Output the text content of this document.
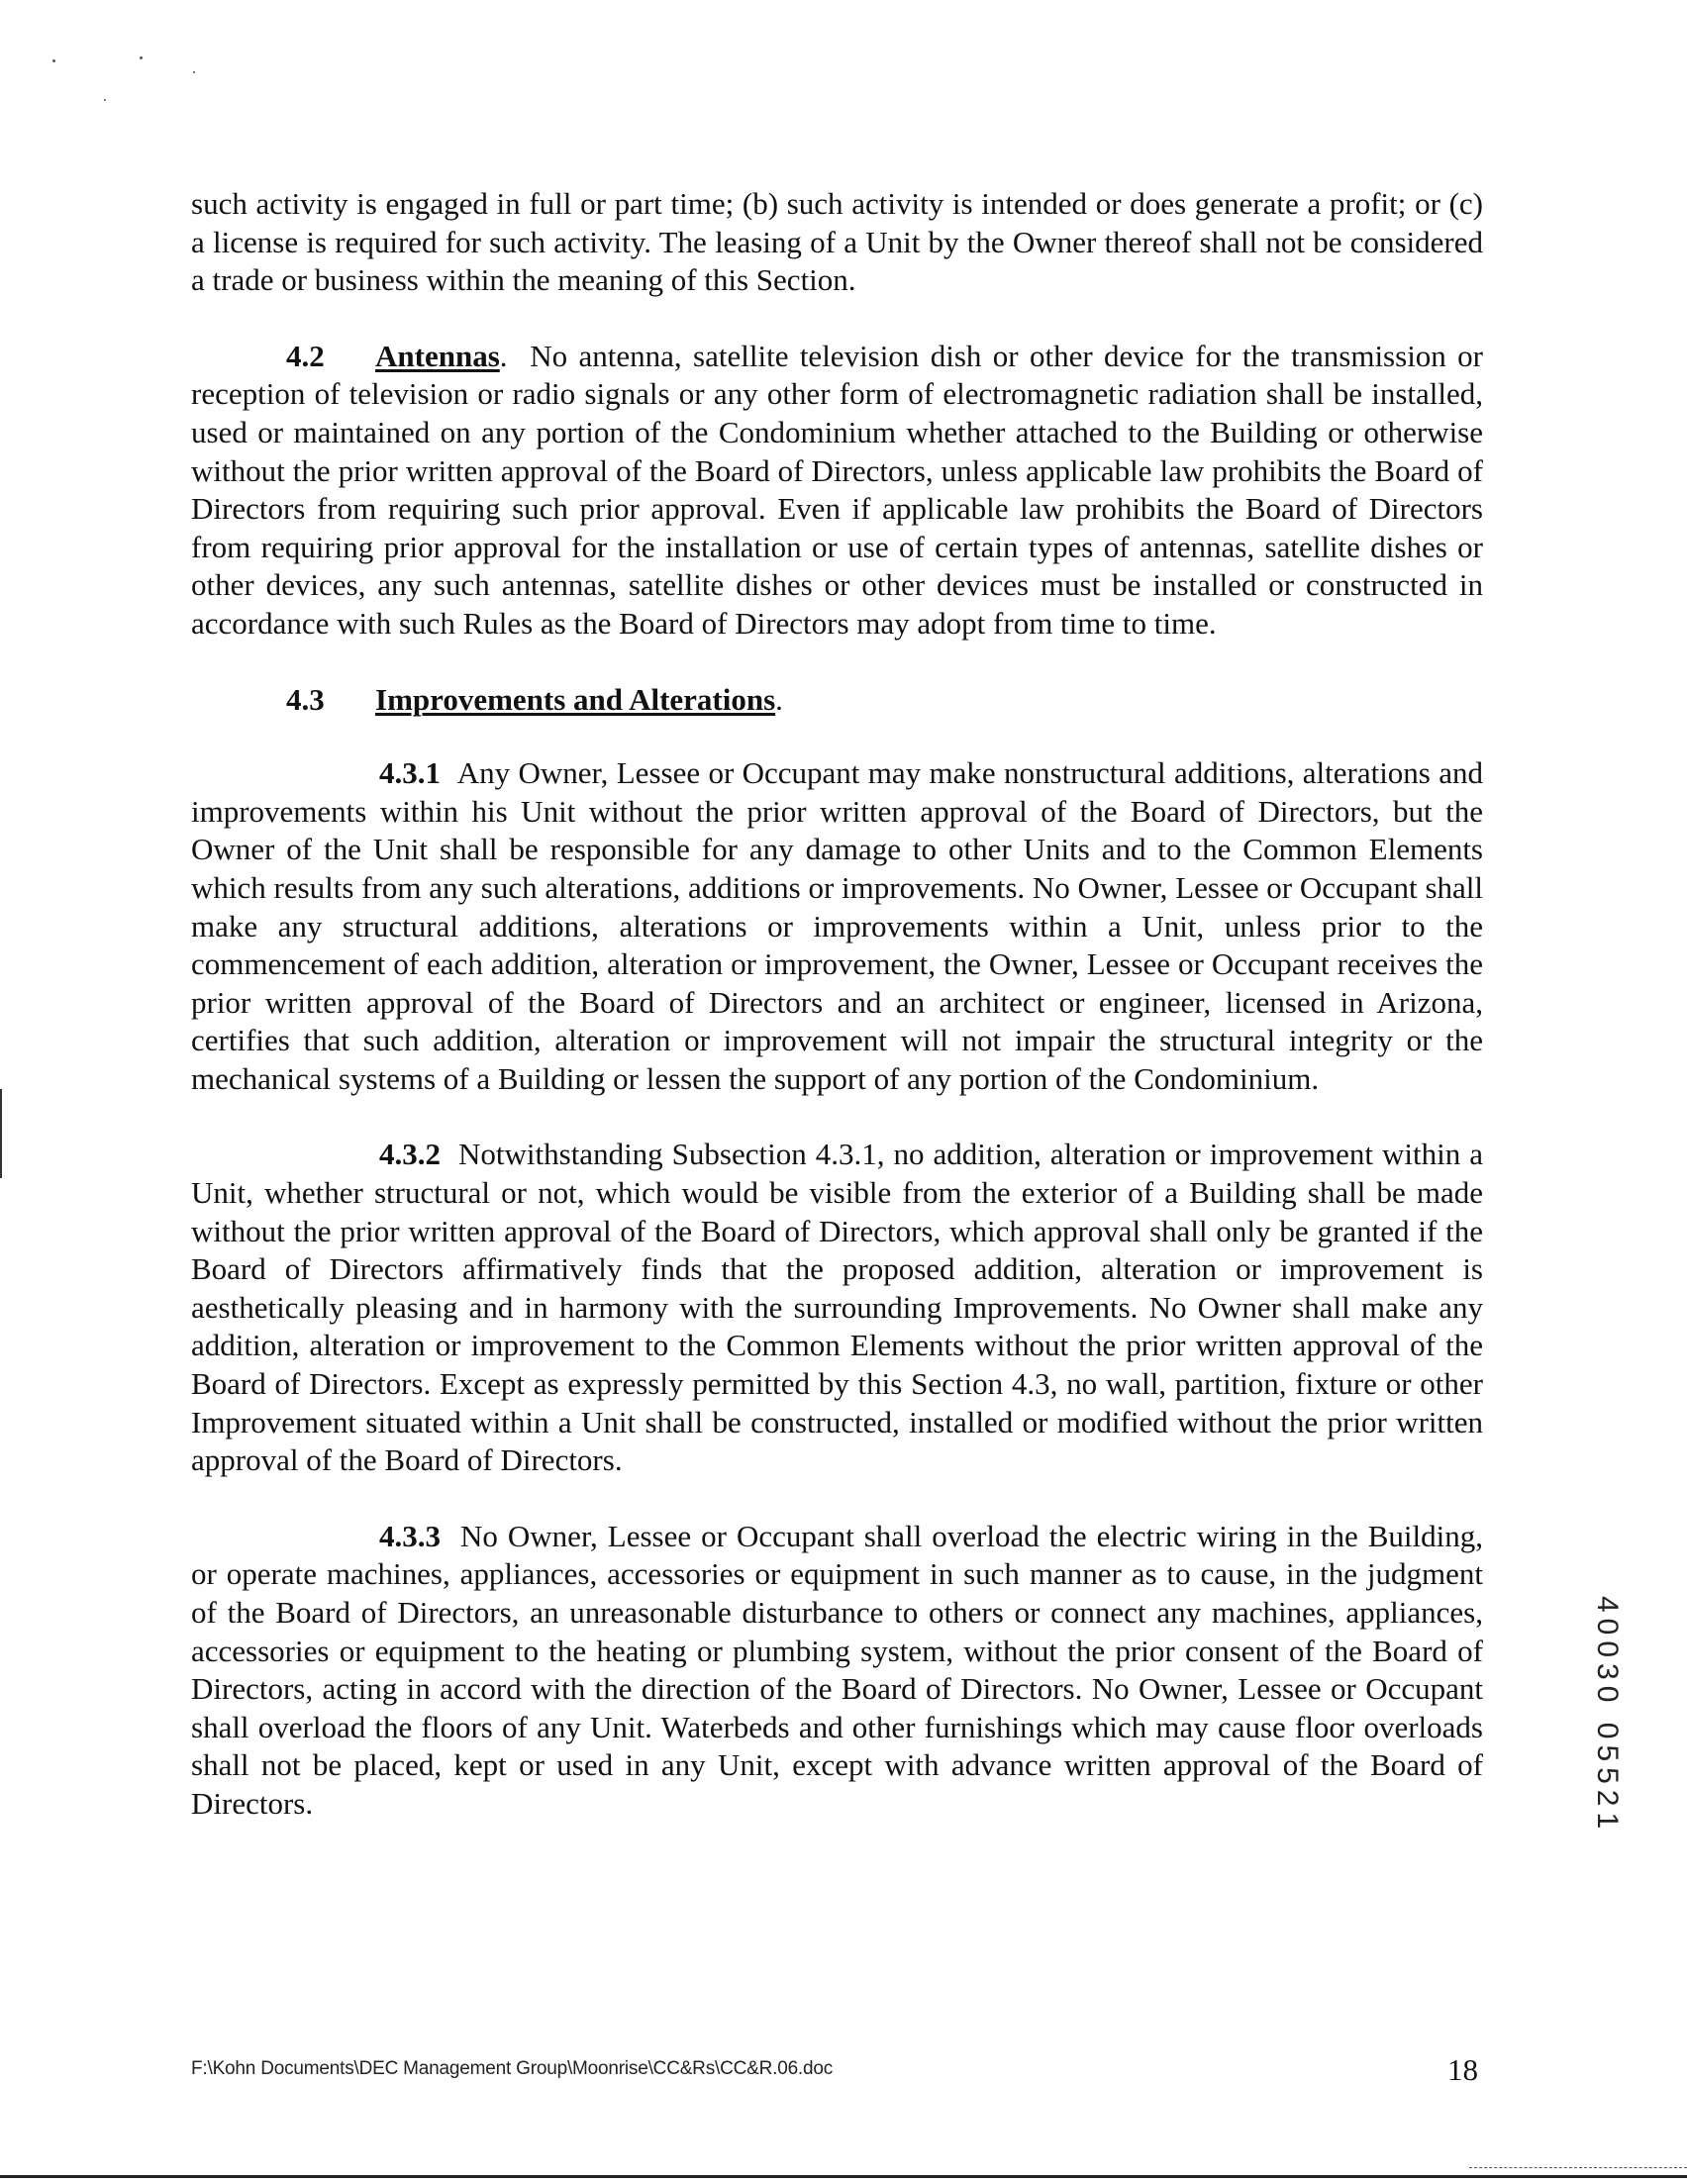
such activity is engaged in full or part time; (b) such activity is intended or does generate a profit; or (c) a license is required for such activity. The leasing of a Unit by the Owner thereof shall not be considered a trade or business within the meaning of this Section.

4.2 Antennas.  No antenna, satellite television dish or other device for the transmission or reception of television or radio signals or any other form of electromagnetic radiation shall be installed, used or maintained on any portion of the Condominium whether attached to the Building or otherwise without the prior written approval of the Board of Directors, unless applicable law prohibits the Board of Directors from requiring such prior approval. Even if applicable law prohibits the Board of Directors from requiring prior approval for the installation or use of certain types of antennas, satellite dishes or other devices, any such antennas, satellite dishes or other devices must be installed or constructed in accordance with such Rules as the Board of Directors may adopt from time to time.

4.3 Improvements and Alterations.

4.3.1 Any Owner, Lessee or Occupant may make nonstructural additions, alterations and improvements within his Unit without the prior written approval of the Board of Directors, but the Owner of the Unit shall be responsible for any damage to other Units and to the Common Elements which results from any such alterations, additions or improvements. No Owner, Lessee or Occupant shall make any structural additions, alterations or improvements within a Unit, unless prior to the commencement of each addition, alteration or improvement, the Owner, Lessee or Occupant receives the prior written approval of the Board of Directors and an architect or engineer, licensed in Arizona, certifies that such addition, alteration or improvement will not impair the structural integrity or the mechanical systems of a Building or lessen the support of any portion of the Condominium.

4.3.2 Notwithstanding Subsection 4.3.1, no addition, alteration or improvement within a Unit, whether structural or not, which would be visible from the exterior of a Building shall be made without the prior written approval of the Board of Directors, which approval shall only be granted if the Board of Directors affirmatively finds that the proposed addition, alteration or improvement is aesthetically pleasing and in harmony with the surrounding Improvements. No Owner shall make any addition, alteration or improvement to the Common Elements without the prior written approval of the Board of Directors. Except as expressly permitted by this Section 4.3, no wall, partition, fixture or other Improvement situated within a Unit shall be constructed, installed or modified without the prior written approval of the Board of Directors.

4.3.3 No Owner, Lessee or Occupant shall overload the electric wiring in the Building, or operate machines, appliances, accessories or equipment in such manner as to cause, in the judgment of the Board of Directors, an unreasonable disturbance to others or connect any machines, appliances, accessories or equipment to the heating or plumbing system, without the prior consent of the Board of Directors, acting in accord with the direction of the Board of Directors. No Owner, Lessee or Occupant shall overload the floors of any Unit. Waterbeds and other furnishings which may cause floor overloads shall not be placed, kept or used in any Unit, except with advance written approval of the Board of Directors.	40030 05521
F:\Kohn Documents\DEC Management Group\Moonrise\CC&Rs\CC&R.06.doc	18
